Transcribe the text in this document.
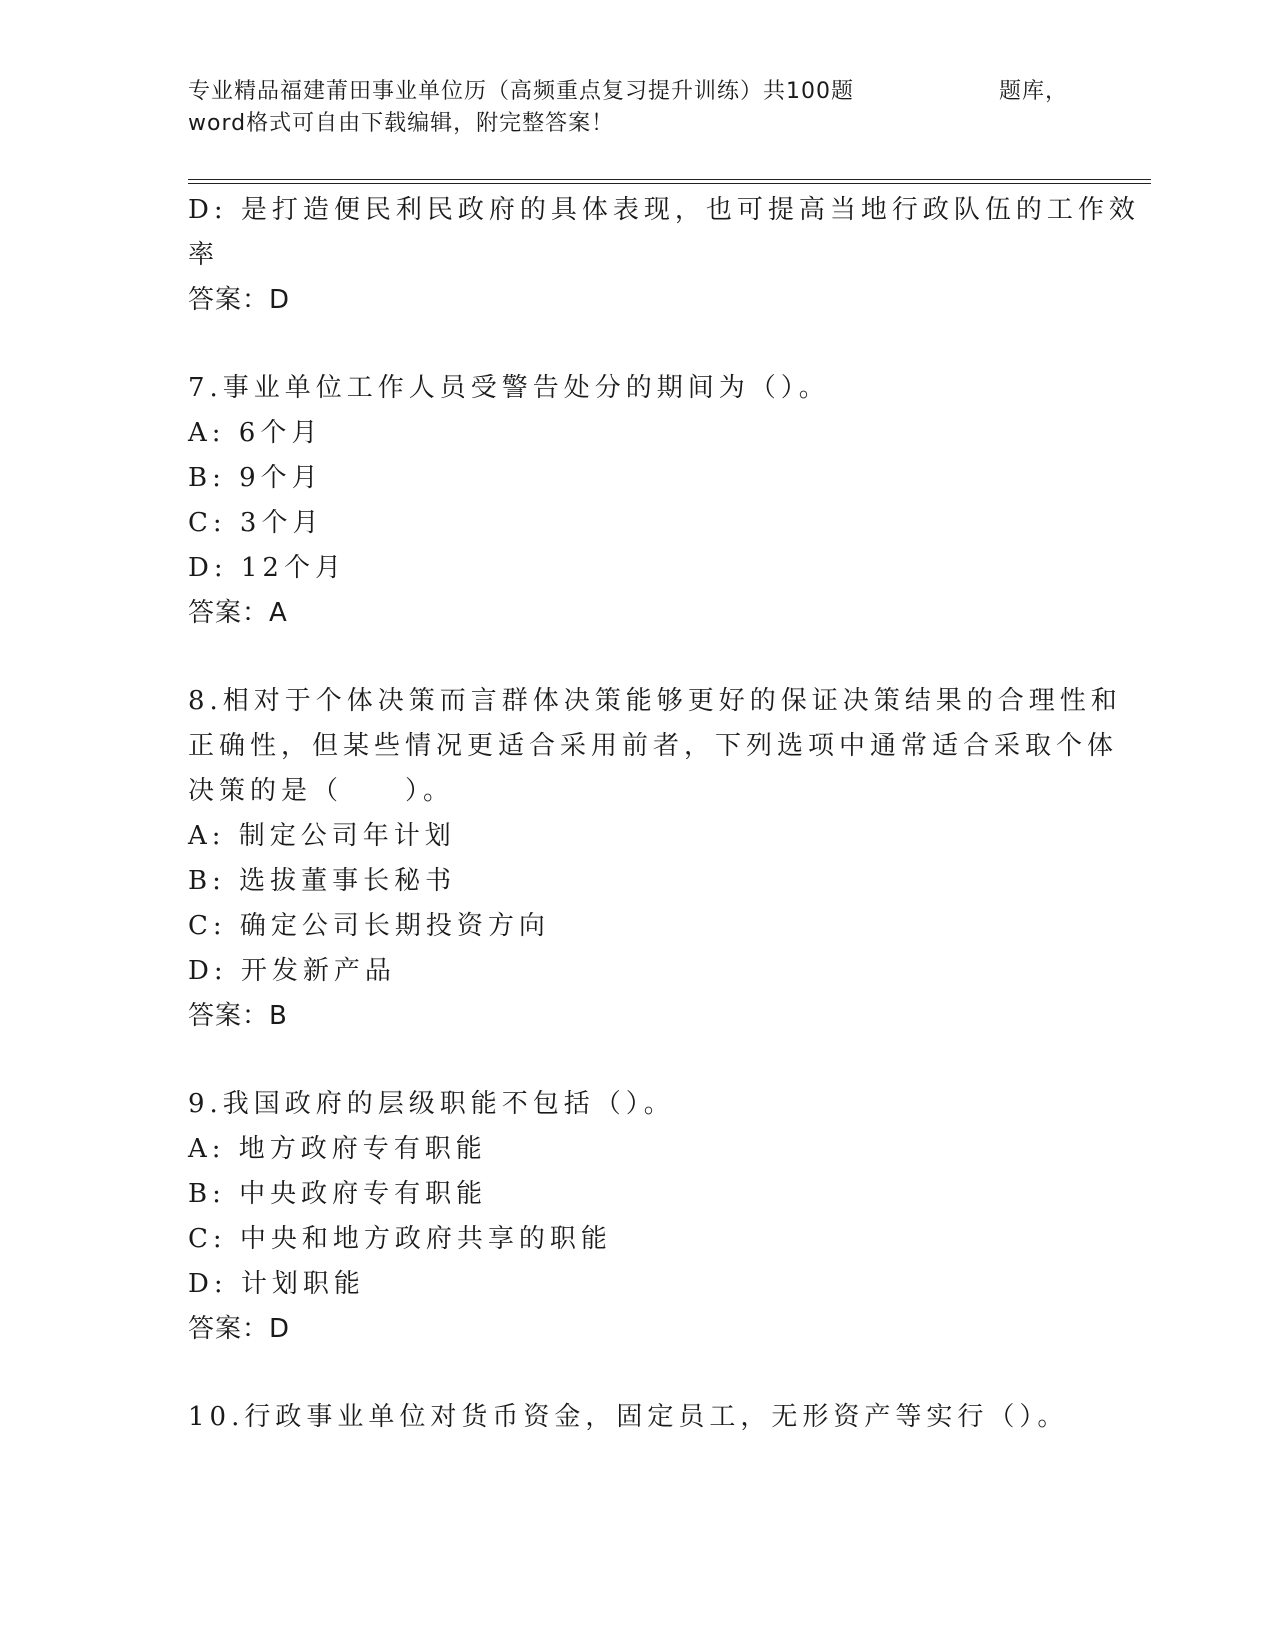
专业精品福建莆田事业单位历（高频重点复习提升训练）共100题	题库，
word格式可自由下载编辑，附完整答案！
D: 是打造便民利民政府的具体表现，也可提高当地行政队伍的工作效
率
答案：D
7.事业单位工作人员受警告处分的期间为（）。
A: 6个月
B: 9个月
C: 3个月
D: 12个月
答案：A
8.相对于个体决策而言群体决策能够更好的保证决策结果的合理性和
正确性，但某些情况更适合采用前者，下列选项中通常适合采取个体
决策的是（　　）。
A: 制定公司年计划
B: 选拔董事长秘书
C: 确定公司长期投资方向
D: 开发新产品
答案：B
9.我国政府的层级职能不包括（）。
A: 地方政府专有职能
B: 中央政府专有职能
C: 中央和地方政府共享的职能
D: 计划职能
答案：D
10.行政事业单位对货币资金，固定员工，无形资产等实行（）。
